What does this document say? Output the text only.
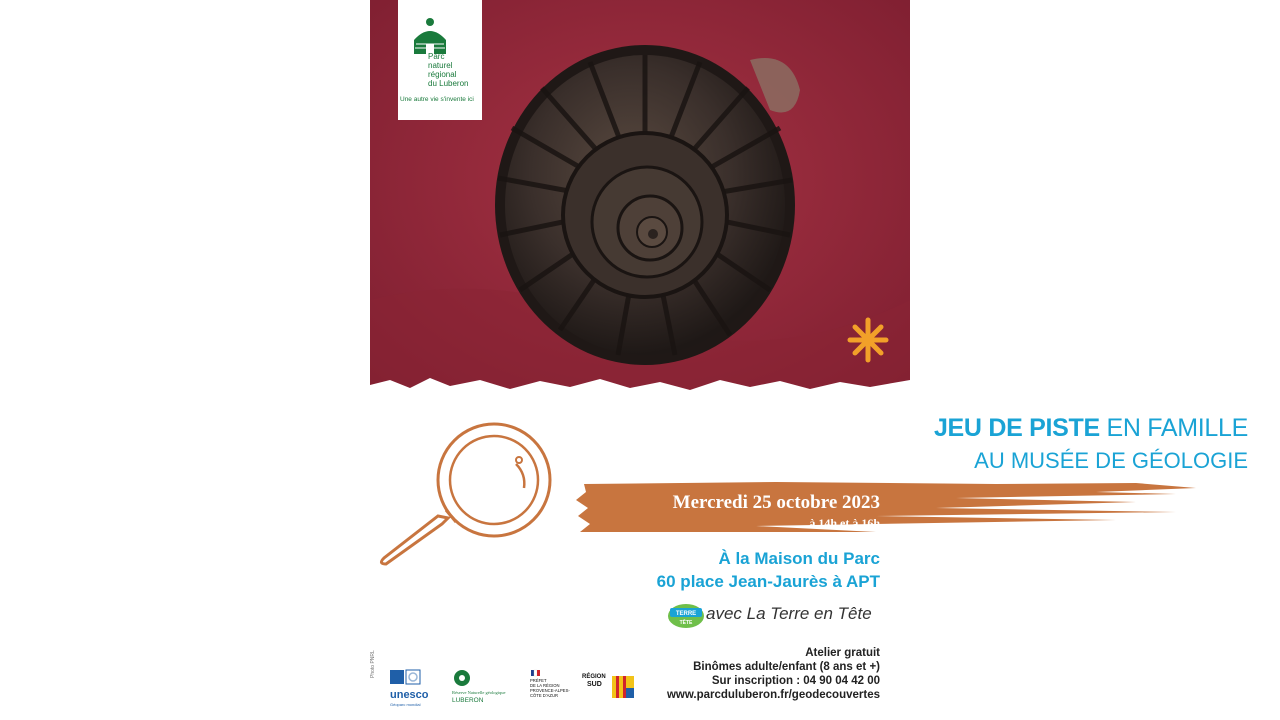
Parc
naturel
régional
du Luberon
Une autre vie s'invente ici
JEU DE PISTE EN FAMILLE
AU MUSÉE DE GÉOLOGIE
Mercredi 25 octobre 2023
à 14h et à 16h
À la Maison du Parc
60 place Jean-Jaurès à APT
TERRE
TÊTE avec La Terre en Tête
Atelier gratuit
Binômes adulte/enfant (8 ans et +)
Sur inscription : 04 90 04 42 00
www.parcduluberon.fr/geodecouvertes
Photo PNRL
unesco
Géoparc mondial
Réserve Naturelle géologique
LUBERON
PRÉFET
DE LA RÉGION
PROVENCE-ALPES-
CÔTE D'AZUR
RÉGION
SUD
